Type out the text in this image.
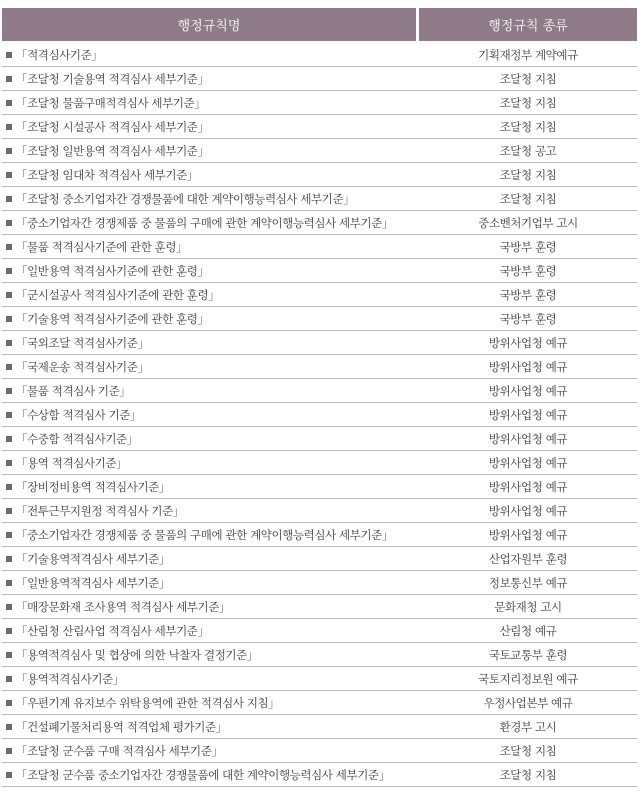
행정규칙명	행정규칙 종류
「적격심사기준」	기획재정부 계약예규
「조달청 기술용역 적격심사 세부기준」	조달청 지침
「조달청 물품구매적격심사 세부기준」	조달청 지침
「조달청 시설공사 적격심사 세부기준」	조달청 지침
「조달청 일반용역 적격심사 세부기준」	조달청 공고
「조달청 임대차 적격심사 세부기준」	조달청 지침
「조달청 중소기업자간 경쟁물품에 대한 계약이행능력심사 세부기준」	조달청 지침
「중소기업자간 경쟁제품 중 물품의 구매에 관한 계약이행능력심사 세부기준」	중소벤처기업부 고시
「물품 적격심사기준에 관한 훈령」	국방부 훈령
「일반용역 적격심사기준에 관한 훈령」	국방부 훈령
「군시설공사 적격심사기준에 관한 훈령」	국방부 훈령
「기술용역 적격심사기준에 관한 훈령」	국방부 훈령
「국외조달 적격심사기준」	방위사업청 예규
「국제운송 적격심사기준」	방위사업청 예규
「물품 적격심사 기준」	방위사업청 예규
「수상함 적격심사 기준」	방위사업청 예규
「수중함 적격심사기준」	방위사업청 예규
「용역 적격심사기준」	방위사업청 예규
「장비정비용역 적격심사기준」	방위사업청 예규
「전투근무지원정 적격심사 기준」	방위사업청 예규
「중소기업자간 경쟁제품 중 물품의 구매에 관한 계약이행능력심사 세부기준」	방위사업청 예규
「기술용역적격심사 세부기준」	산업자원부 훈령
「일반용역적격심사 세부기준」	정보통신부 예규
「매장문화재 조사용역 적격심사 세부기준」	문화재청 고시
「산림청 산림사업 적격심사 세부기준」	산림청 예규
「용역적격심사 및 협상에 의한 낙찰자 결정기준」	국토교통부 훈령
「용역적격심사기준」	국토지리정보원 예규
「우편기계 유지보수 위탁용역에 관한 적격심사 지침」	우정사업본부 예규
「건설폐기물처리용역 적격업체 평가기준」	환경부 고시
「조달청 군수품 구매 적격심사 세부기준」	조달청 지침
「조달청 군수품 중소기업자간 경쟁물품에 대한 계약이행능력심사 세부기준」	조달청 지침
